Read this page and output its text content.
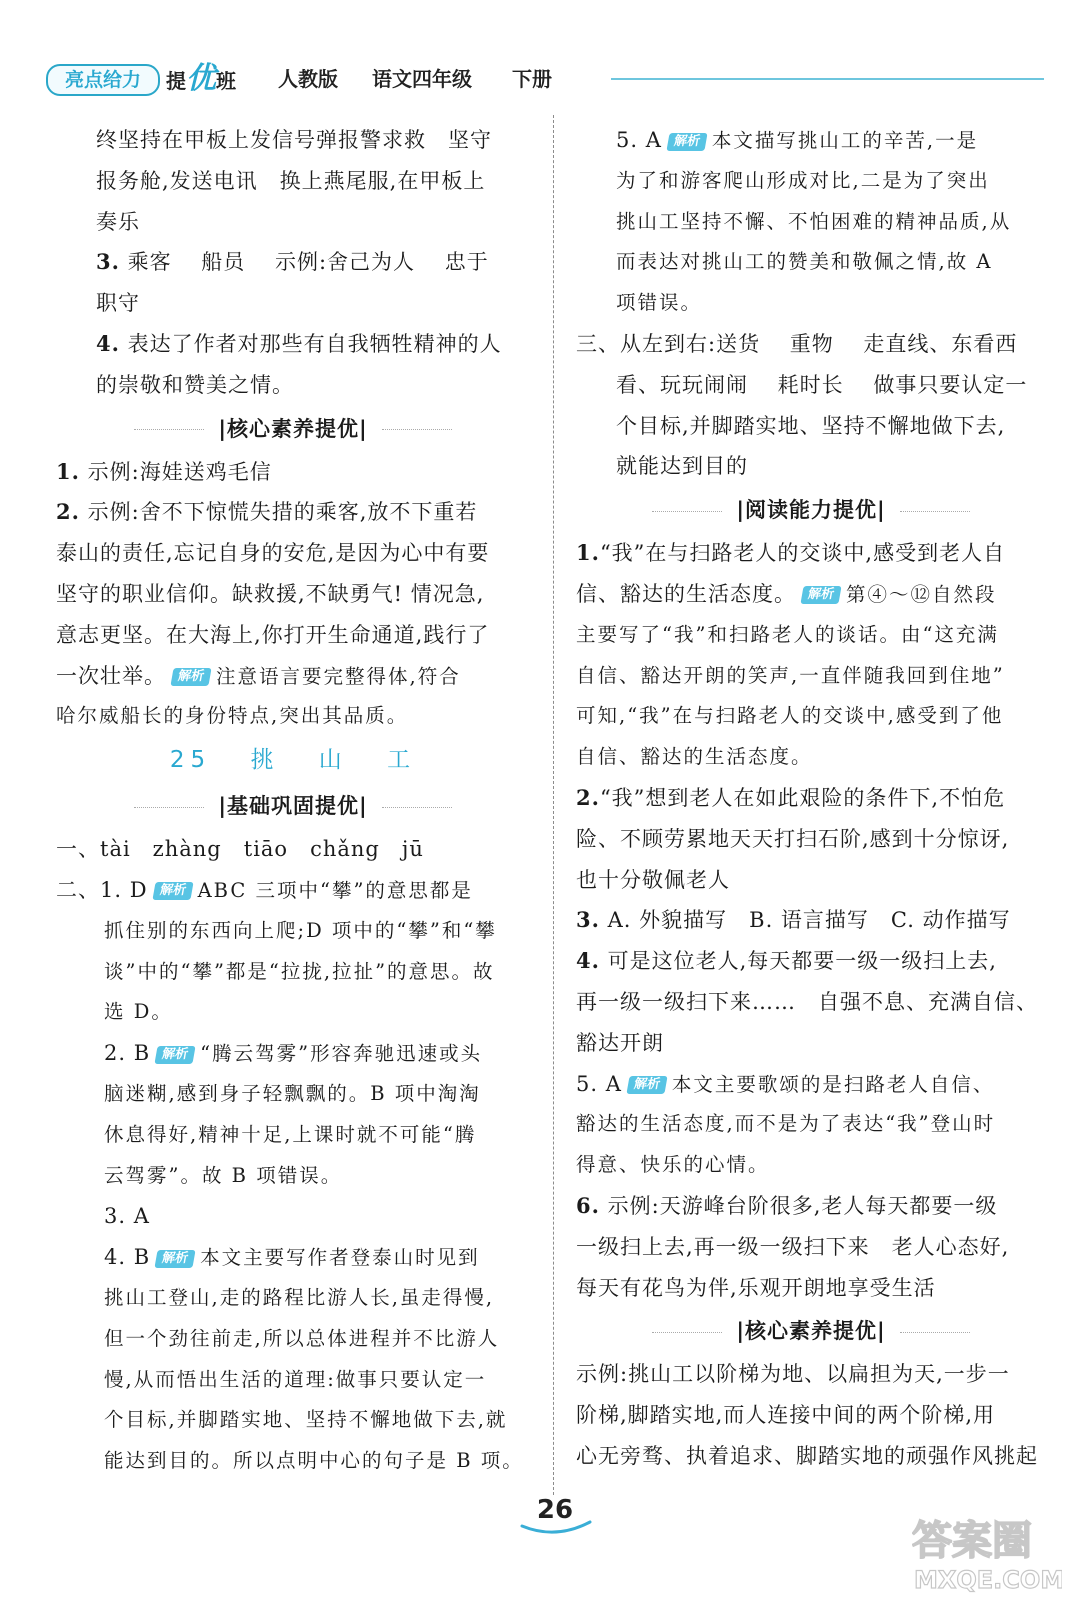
亮点给力	提优班 人教版 语文四年级 下册
终坚持在甲板上发信号弹报警求救　坚守
报务舱,发送电讯　换上燕尾服,在甲板上
奏乐
3. 乘客　 船员　 示例:舍己为人　 忠于
职守
4. 表达了作者对那些有自我牺牲精神的人
的崇敬和赞美之情。
|核心素养提优|
1. 示例:海娃送鸡毛信
2. 示例:舍不下惊慌失措的乘客,放不下重若
泰山的责任,忘记自身的安危,是因为心中有要
坚守的职业信仰。缺救援,不缺勇气! 情况急,
意志更坚。在大海上,你打开生命通道,践行了
一次壮举。 解析 注意语言要完整得体,符合
哈尔威船长的身份特点,突出其品质。
25 挑 山 工
|基础巩固提优|
一、tài　zhàng　tiāo　chǎng　jū
二、1. D 解析 ABC 三项中“攀”的意思都是
抓住别的东西向上爬;D 项中的“攀”和“攀
谈”中的“攀”都是“拉拢,拉扯”的意思。故
选 D。
2. B 解析 “腾云驾雾”形容奔驰迅速或头
脑迷糊,感到身子轻飘飘的。B 项中淘淘
休息得好,精神十足,上课时就不可能“腾
云驾雾”。故 B 项错误。
3. A
4. B 解析 本文主要写作者登泰山时见到
挑山工登山,走的路程比游人长,虽走得慢,
但一个劲往前走,所以总体进程并不比游人
慢,从而悟出生活的道理:做事只要认定一
个目标,并脚踏实地、坚持不懈地做下去,就
能达到目的。所以点明中心的句子是 B 项。
5. A 解析 本文描写挑山工的辛苦,一是
为了和游客爬山形成对比,二是为了突出
挑山工坚持不懈、不怕困难的精神品质,从
而表达对挑山工的赞美和敬佩之情,故 A
项错误。
三、从左到右:送货　 重物　 走直线、东看西
看、玩玩闹闹　 耗时长　 做事只要认定一
个目标,并脚踏实地、坚持不懈地做下去,
就能达到目的
|阅读能力提优|
1.“我”在与扫路老人的交谈中,感受到老人自
信、豁达的生活态度。 解析 第④～⑫自然段
主要写了“我”和扫路老人的谈话。由“这充满
自信、豁达开朗的笑声,一直伴随我回到住地”
可知,“我”在与扫路老人的交谈中,感受到了他
自信、豁达的生活态度。
2.“我”想到老人在如此艰险的条件下,不怕危
险、不顾劳累地天天打扫石阶,感到十分惊讶,
也十分敬佩老人
3. A. 外貌描写　B. 语言描写　C. 动作描写
4. 可是这位老人,每天都要一级一级扫上去,
再一级一级扫下来……　自强不息、充满自信、
豁达开朗
5. A 解析 本文主要歌颂的是扫路老人自信、
豁达的生活态度,而不是为了表达“我”登山时
得意、快乐的心情。
6. 示例:天游峰台阶很多,老人每天都要一级
一级扫上去,再一级一级扫下来　老人心态好,
每天有花鸟为伴,乐观开朗地享受生活
|核心素养提优|
示例:挑山工以阶梯为地、以扁担为天,一步一
阶梯,脚踏实地,而人连接中间的两个阶梯,用
心无旁骛、执着追求、脚踏实地的顽强作风挑起
26
答案圈
MXQE.COM
